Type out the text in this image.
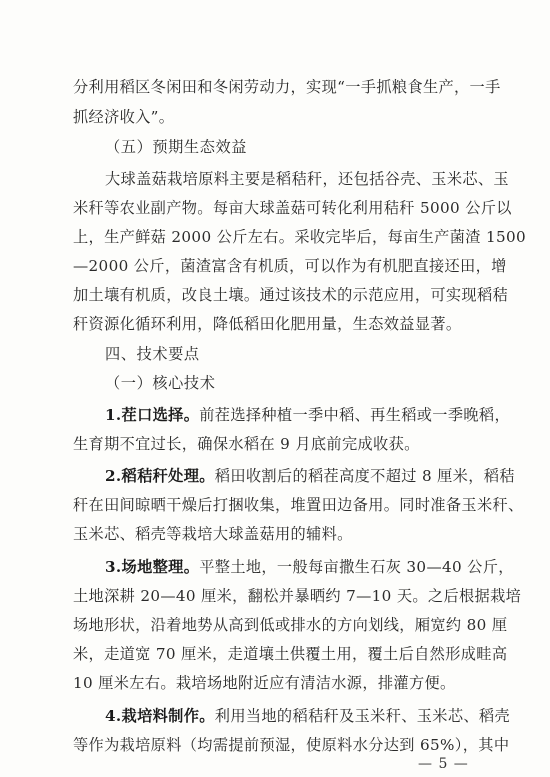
分利用稻区冬闲田和冬闲劳动力，实现“一手抓粮食生产，一手
抓经济收入”。
（五）预期生态效益
大球盖菇栽培原料主要是稻秸秆，还包括谷壳、玉米芯、玉
米秆等农业副产物。每亩大球盖菇可转化利用秸秆 5000 公斤以
上，生产鲜菇 2000 公斤左右。采收完毕后，每亩生产菌渣 1500
—2000 公斤，菌渣富含有机质，可以作为有机肥直接还田，增
加土壤有机质，改良土壤。通过该技术的示范应用，可实现稻秸
秆资源化循环利用，降低稻田化肥用量，生态效益显著。
四、技术要点
（一）核心技术
1.茬口选择。前茬选择种植一季中稻、再生稻或一季晚稻，
生育期不宜过长，确保水稻在 9 月底前完成收获。
2.稻秸秆处理。稻田收割后的稻茬高度不超过 8 厘米，稻秸
秆在田间晾晒干燥后打捆收集，堆置田边备用。同时准备玉米秆、
玉米芯、稻壳等栽培大球盖菇用的辅料。
3.场地整理。平整土地，一般每亩撒生石灰 30—40 公斤，
土地深耕 20—40 厘米，翻松并暴晒约 7—10 天。之后根据栽培
场地形状，沿着地势从高到低或排水的方向划线，厢宽约 80 厘
米，走道宽 70 厘米，走道壤土供覆土用，覆土后自然形成畦高
10 厘米左右。栽培场地附近应有清洁水源，排灌方便。
4.栽培料制作。利用当地的稻秸秆及玉米秆、玉米芯、稻壳
等作为栽培原料（均需提前预湿，使原料水分达到 65%），其中
— 5 —
